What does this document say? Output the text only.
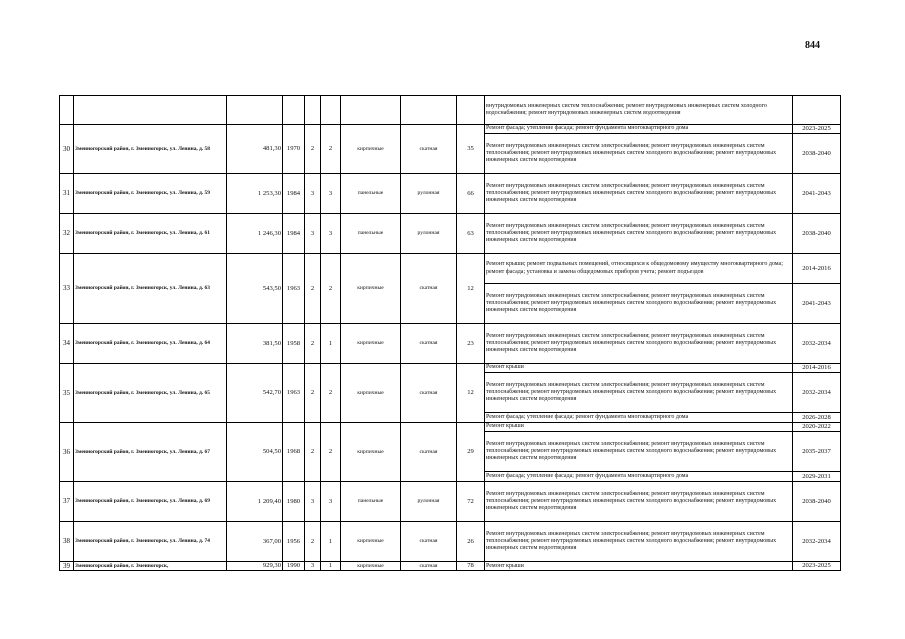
844
									внутридомовых инженерных систем теплоснабжения; ремонт внутридомовых инженерных систем холодного водоснабжения; ремонт внутридомовых инженерных систем водоотведения	
30	Змеиногорский район, г. Змеиногорск, ул. Ленина, д. 58	481,30	1970	2	2	кирпичные	скатная	35	Ремонт фасада; утепление фасада; ремонт фундамента многоквартирного дома	2023-2025
									Ремонт внутридомовых инженерных систем электроснабжения; ремонт внутридомовых инженерных систем теплоснабжения; ремонт внутридомовых инженерных систем холодного водоснабжения; ремонт внутридомовых инженерных систем водоотведения	2038-2040
31	Змеиногорский район, г. Змеиногорск, ул. Ленина, д. 59	1 253,30	1984	3	3	панельные	рулонная	66	Ремонт внутридомовых инженерных систем электроснабжения; ремонт внутридомовых инженерных систем теплоснабжения; ремонт внутридомовых инженерных систем холодного водоснабжения; ремонт внутридомовых инженерных систем водоотведения	2041-2043
32	Змеиногорский район, г. Змеиногорск, ул. Ленина, д. 61	1 246,30	1984	3	3	панельные	рулонная	63	Ремонт внутридомовых инженерных систем электроснабжения; ремонт внутридомовых инженерных систем теплоснабжения; ремонт внутридомовых инженерных систем холодного водоснабжения; ремонт внутридомовых инженерных систем водоотведения	2038-2040
33	Змеиногорский район, г. Змеиногорск, ул. Ленина, д. 63	543,50	1963	2	2	кирпичные	скатная	12	Ремонт крыши; ремонт подвальных помещений, относящихся к общедомовому имуществу многоквартирного дома; ремонт фасада; установка и замена общедомовых приборов учета; ремонт подъездов	2014-2016
									Ремонт внутридомовых инженерных систем электроснабжения; ремонт внутридомовых инженерных систем теплоснабжения; ремонт внутридомовых инженерных систем холодного водоснабжения; ремонт внутридомовых инженерных систем водоотведения	2041-2043
34	Змеиногорский район, г. Змеиногорск, ул. Ленина, д. 64	381,50	1958	2	1	кирпичные	скатная	23	Ремонт внутридомовых инженерных систем электроснабжения; ремонт внутридомовых инженерных систем теплоснабжения; ремонт внутридомовых инженерных систем холодного водоснабжения; ремонт внутридомовых инженерных систем водоотведения	2032-2034
35	Змеиногорский район, г. Змеиногорск, ул. Ленина, д. 65	542,70	1963	2	2	кирпичные	скатная	12	Ремонт крыши	2014-2016
									Ремонт внутридомовых инженерных систем электроснабжения; ремонт внутридомовых инженерных систем теплоснабжения; ремонт внутридомовых инженерных систем холодного водоснабжения; ремонт внутридомовых инженерных систем водоотведения	2032-2034
									Ремонт фасада; утепление фасада; ремонт фундамента многоквартирного дома	2026-2028
36	Змеиногорский район, г. Змеиногорск, ул. Ленина, д. 67	504,50	1968	2	2	кирпичные	скатная	29	Ремонт крыши	2020-2022
									Ремонт внутридомовых инженерных систем электроснабжения; ремонт внутридомовых инженерных систем теплоснабжения; ремонт внутридомовых инженерных систем холодного водоснабжения; ремонт внутридомовых инженерных систем водоотведения	2035-2037
									Ремонт фасада; утепление фасада; ремонт фундамента многоквартирного дома	2029-2031
37	Змеиногорский район, г. Змеиногорск, ул. Ленина, д. 69	1 209,40	1980	3	3	панельные	рулонная	72	Ремонт внутридомовых инженерных систем электроснабжения; ремонт внутридомовых инженерных систем теплоснабжения; ремонт внутридомовых инженерных систем холодного водоснабжения; ремонт внутридомовых инженерных систем водоотведения	2038-2040
38	Змеиногорский район, г. Змеиногорск, ул. Ленина, д. 74	367,00	1956	2	1	кирпичные	скатная	26	Ремонт внутридомовых инженерных систем электроснабжения; ремонт внутридомовых инженерных систем теплоснабжения; ремонт внутридомовых инженерных систем холодного водоснабжения; ремонт внутридомовых инженерных систем водоотведения	2032-2034
39	Змеиногорский район, г. Змеиногорск,	929,30	1990	3	1	кирпичные	скатная	78	Ремонт крыши	2023-2025
